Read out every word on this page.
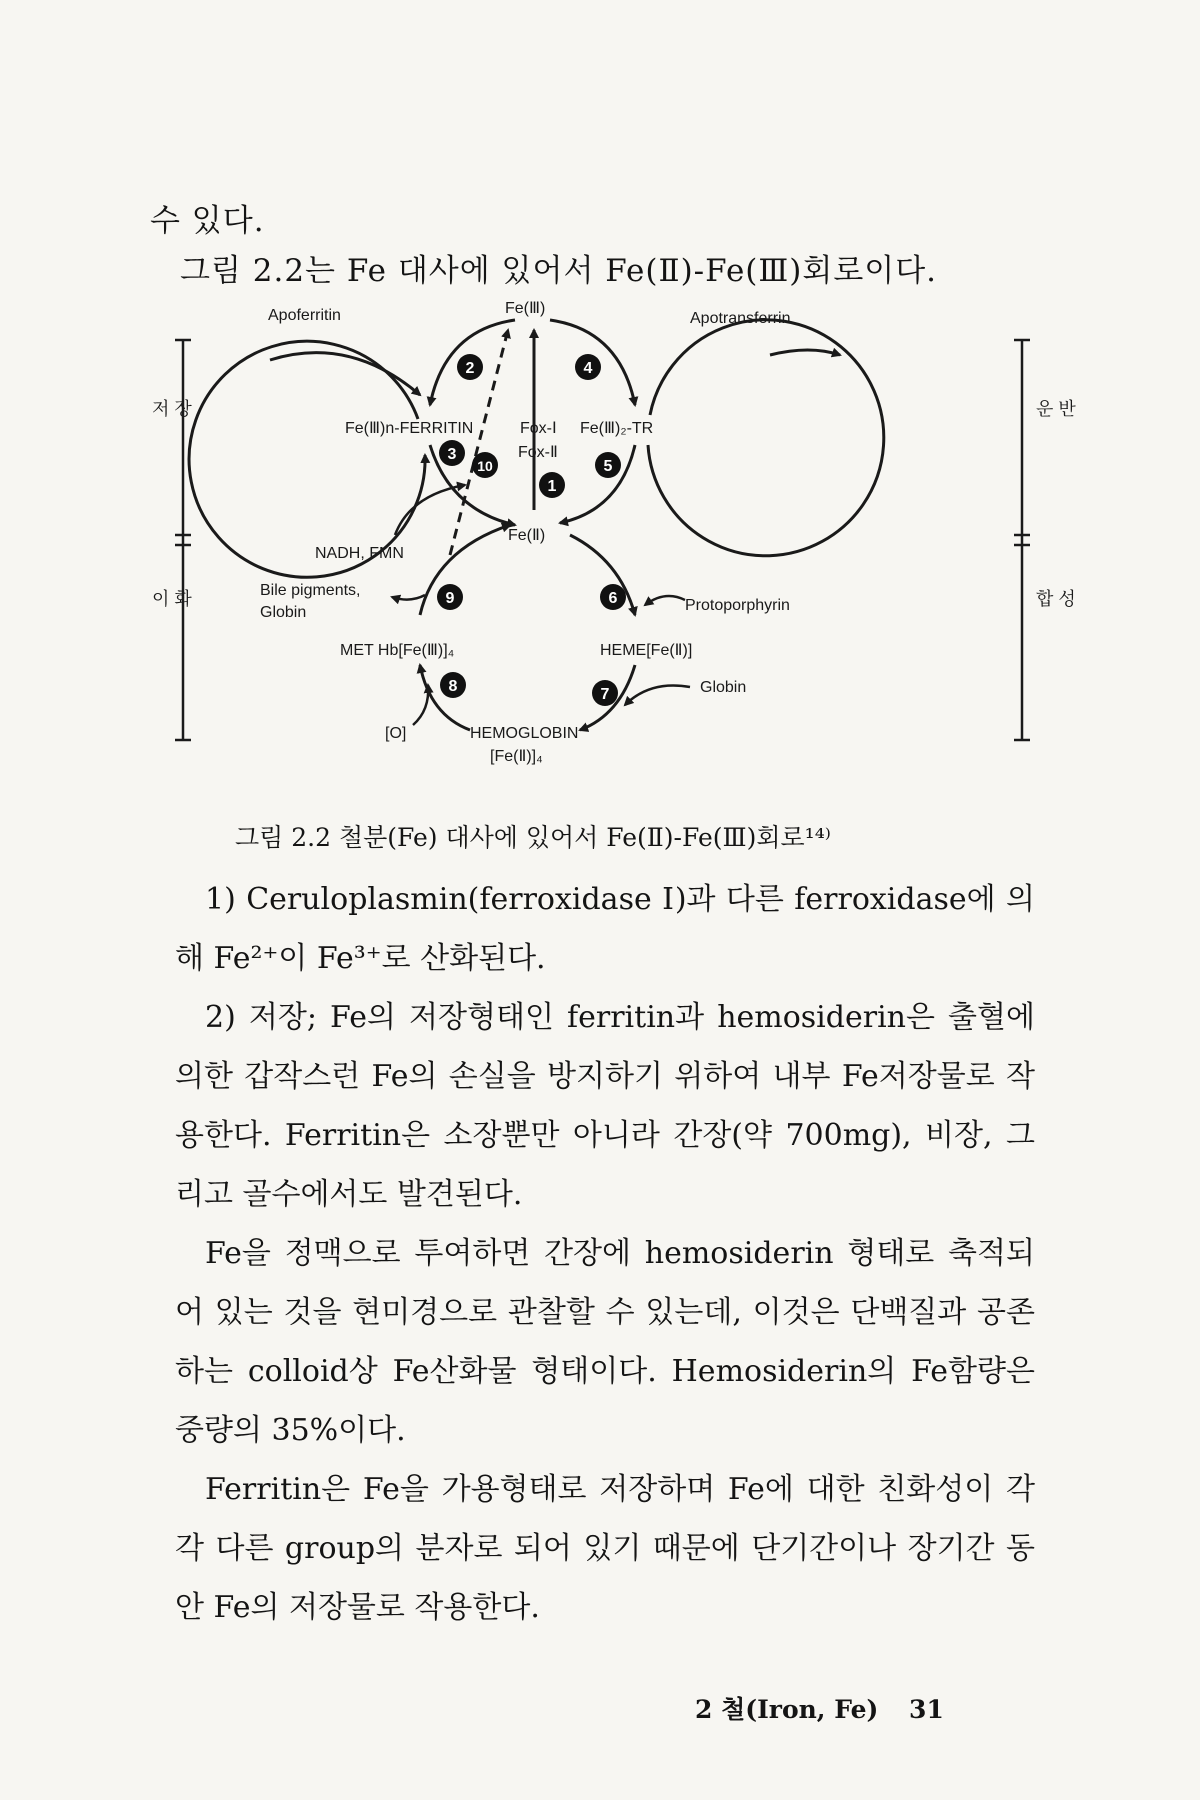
수 있다.
그림 2.2는 Fe 대사에 있어서 Fe(Ⅱ)-Fe(Ⅲ)회로이다.
저 장
이 화
운 반
합 성
Apoferritin	Fe(Ⅲ)
Apotransferrin
Fe(Ⅲ)n-FERRITIN	Fox-Ⅰ Fe(Ⅲ)₂-TR
Fox-Ⅱ
Fe(Ⅱ)
NADH, FMN
Bile pigments,
Globin	Protoporphyrin
MET Hb[Fe(Ⅲ)]₄	HEME[Fe(Ⅱ)]
Globin
[O]	HEMOGLOBIN
[Fe(Ⅱ)]₄
2	4
3
10	5
1
9	6
8	7
그림 2.2 철분(Fe) 대사에 있어서 Fe(Ⅱ)-Fe(Ⅲ)회로¹⁴⁾

1) Ceruloplasmin(ferroxidase Ⅰ)과 다른 ferroxidase에 의해 Fe²⁺이 Fe³⁺로 산화된다.

2) 저장; Fe의 저장형태인 ferritin과 hemosiderin은 출혈에 의한 갑작스런 Fe의 손실을 방지하기 위하여 내부 Fe저장물로 작용한다. Ferritin은 소장뿐만 아니라 간장(약 700mg), 비장, 그리고 골수에서도 발견된다.

Fe을 정맥으로 투여하면 간장에 hemosiderin 형태로 축적되어 있는 것을 현미경으로 관찰할 수 있는데, 이것은 단백질과 공존하는 colloid상 Fe산화물 형태이다. Hemosiderin의 Fe함량은 중량의 35%이다.

Ferritin은 Fe을 가용형태로 저장하며 Fe에 대한 친화성이 각각 다른 group의 분자로 되어 있기 때문에 단기간이나 장기간 동안 Fe의 저장물로 작용한다.

2 철(Iron, Fe) 31
